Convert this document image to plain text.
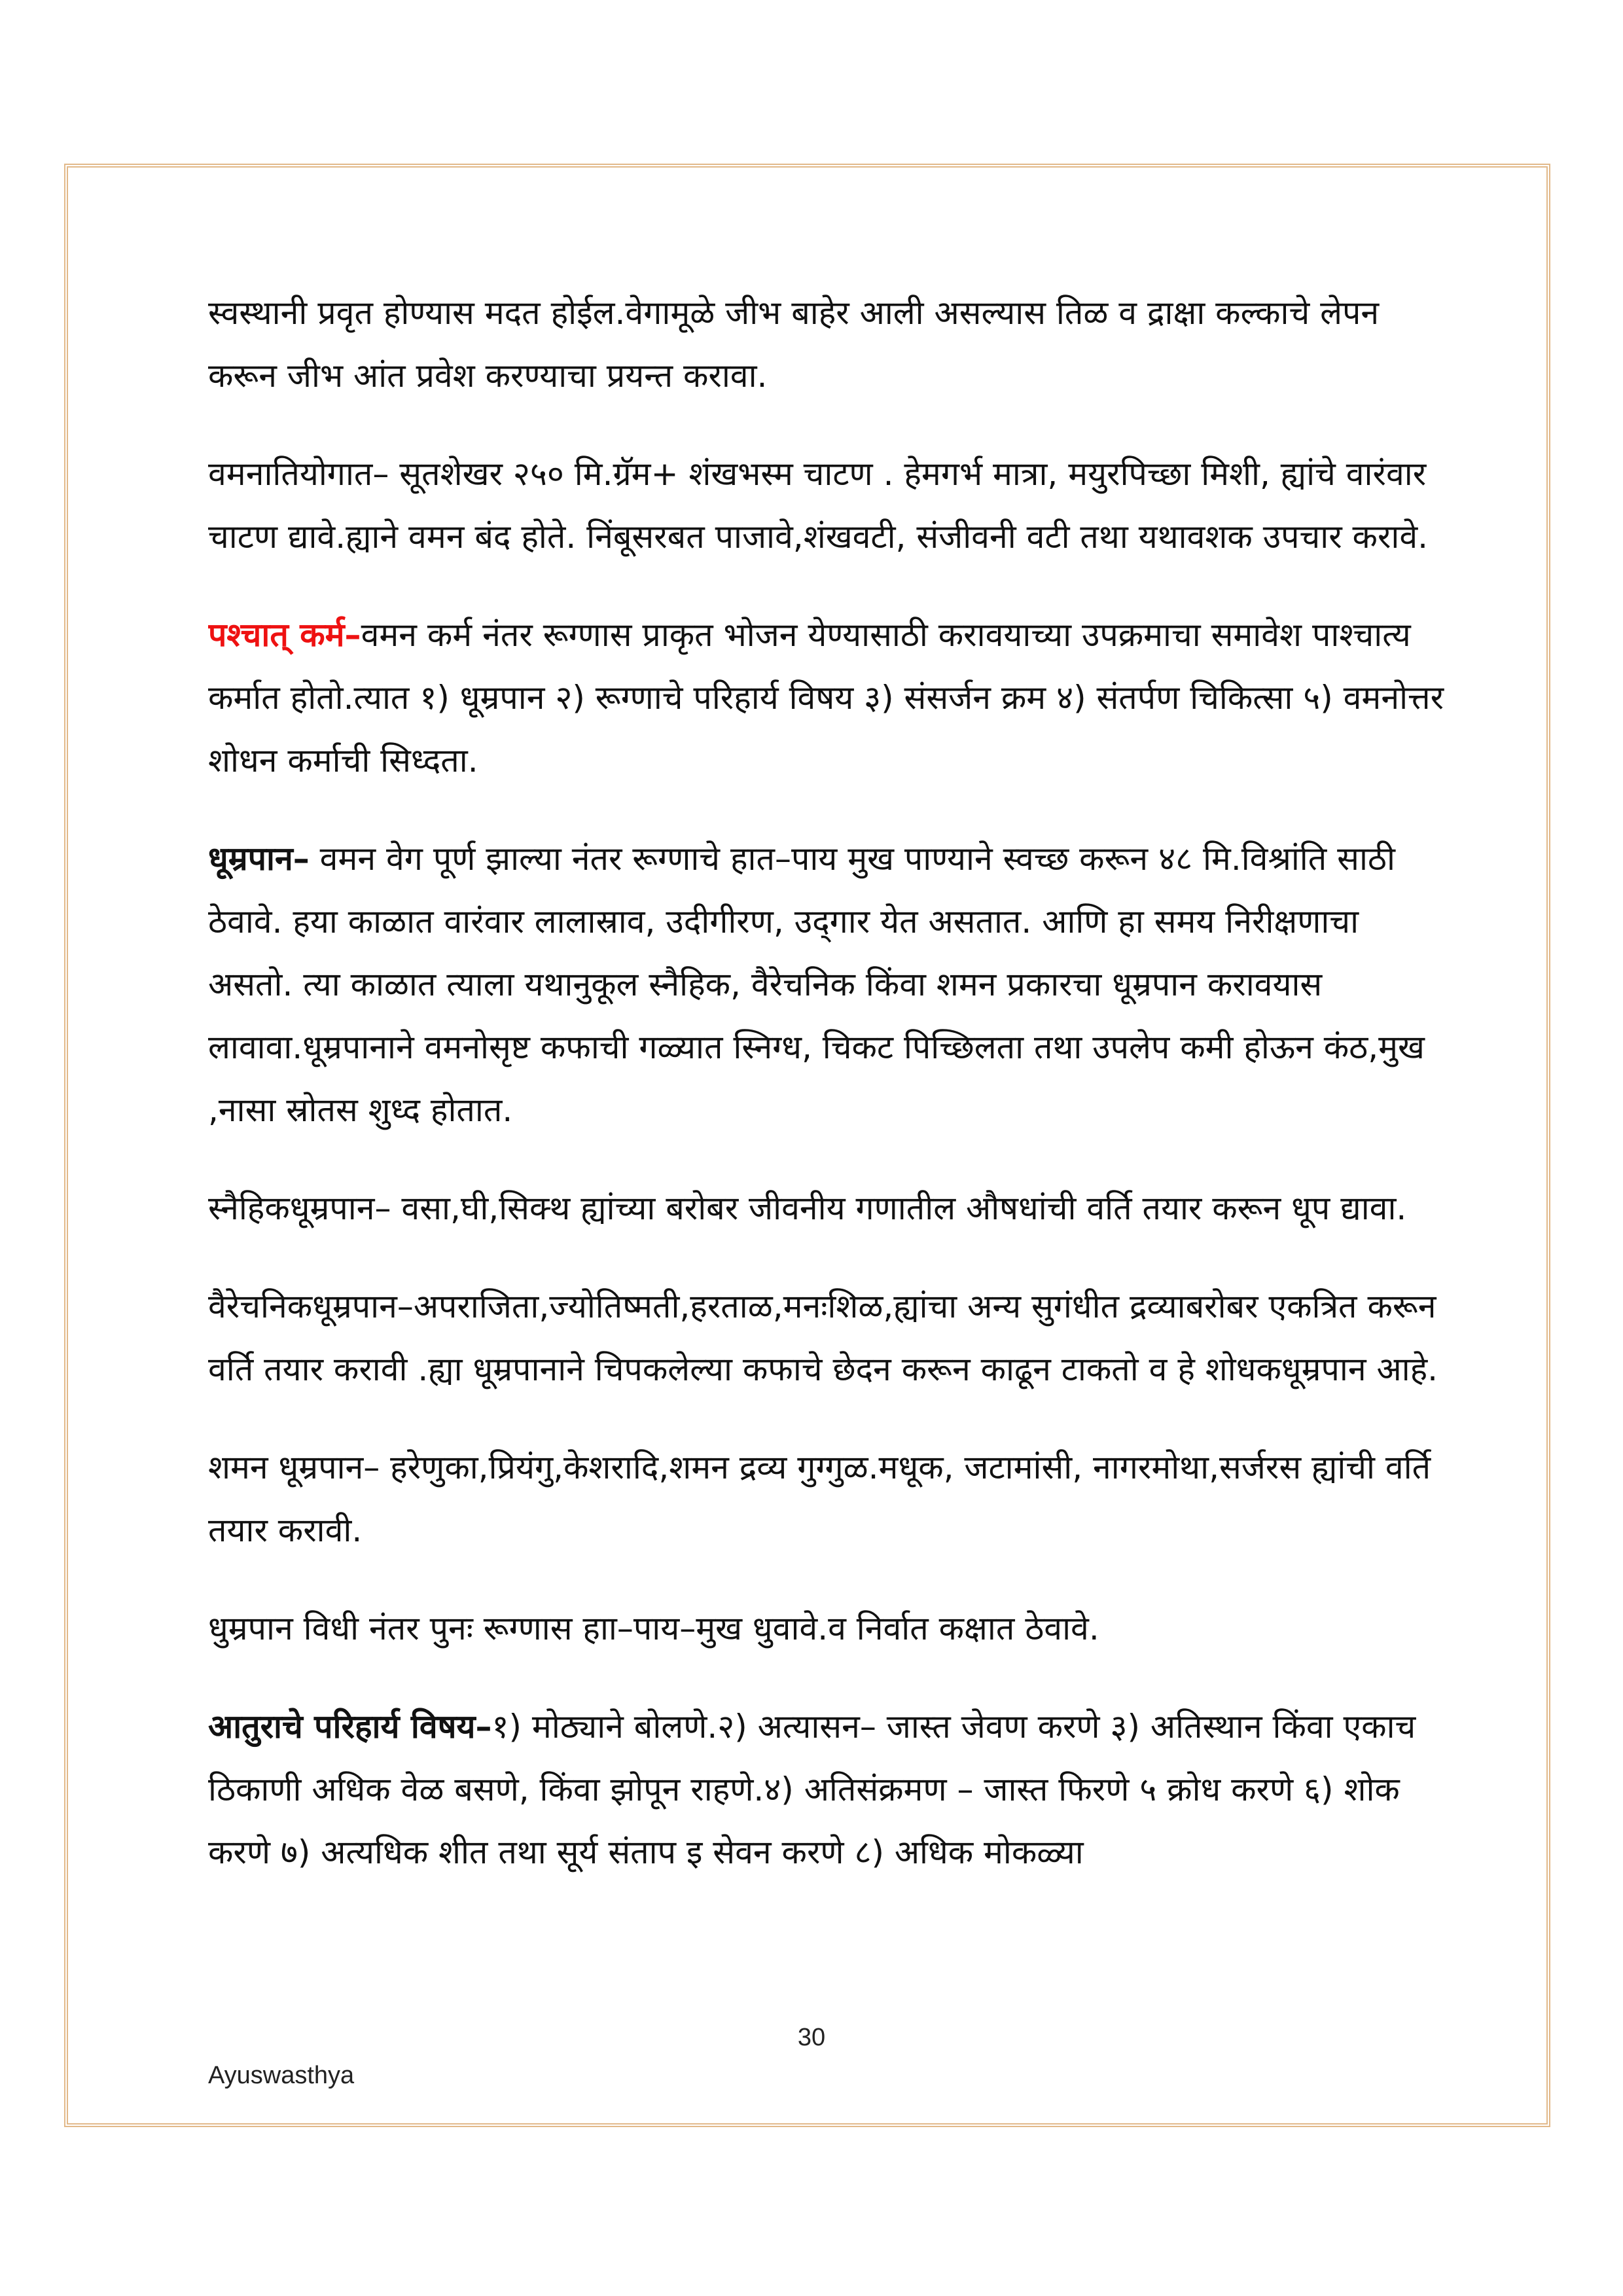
स्वस्थानी प्रवृत होण्यास मदत होईल.वेगामूळे जीभ बाहेर आली असल्यास तिळ व द्राक्षा कल्काचे लेपन करून जीभ आंत प्रवेश करण्याचा प्रयन्त करावा.

वमनातियोगात– सूतशेखर २५० मि.ग्रॅम+ शंखभस्म चाटण . हेमगर्भ मात्रा, मयुरपिच्छा मिशी, ह्यांचे वारंवार चाटण द्यावे.ह्याने वमन बंद होते. निंबूसरबत पाजावे,शंखवटी, संजीवनी वटी तथा यथावशक उपचार करावे.

पश्चात् कर्म–वमन कर्म नंतर रूग्णास प्राकृत भोजन येण्यासाठी करावयाच्या उपक्रमाचा समावेश पाश्चात्य कर्मात होतो.त्यात १) धूम्रपान २) रूग्णाचे परिहार्य विषय ३) संसर्जन क्रम ४) संतर्पण चिकित्सा ५) वमनोत्तर शोधन कर्माची सिध्दता.

धूम्रपान– वमन वेग पूर्ण झाल्या नंतर रूग्णाचे हात–पाय मुख पाण्याने स्वच्छ करून ४८ मि.विश्रांति साठी ठेवावे. हया काळात वारंवार लालास्राव, उदीगीरण, उद्‌गार येत असतात. आणि हा समय निरीक्षणाचा असतो. त्या काळात त्याला यथानुकूल स्नैहिक, वैरेचनिक किंवा शमन प्रकारचा धूम्रपान करावयास लावावा.धूम्रपानाने वमनोसृष्ट कफाची गळ्यात स्निग्ध, चिकट पिच्छिलता तथा उपलेप कमी होऊन कंठ,मुख ,नासा स्रोतस शुध्द होतात.

स्नैहिकधूम्रपान– वसा,घी,सिक्थ ह्यांच्या बरोबर जीवनीय गणातील औषधांची वर्ति तयार करून धूप द्यावा.

वैरेचनिकधूम्रपान–अपराजिता,ज्योतिष्मती,हरताळ,मनःशिळ,ह्यांचा अन्य सुगंधीत द्रव्याबरोबर एकत्रित करून वर्ति तयार करावी .ह्या धूम्रपानाने चिपकलेल्या कफाचे छेदन करून काढून टाकतो व हे शोधकधूम्रपान आहे.

शमन धूम्रपान– हरेणुका,प्रियंगु,केशरादि,शमन द्रव्य गुग्गुळ.मधूक, जटामांसी, नागरमोथा,सर्जरस ह्यांची वर्ति तयार करावी.

धुम्रपान विधी नंतर पुनः रूग्णास हाा–पाय–मुख धुवावे.व निर्वात कक्षात ठेवावे.

आतुराचे परिहार्य विषय–१) मोठ्याने बोलणे.२) अत्यासन– जास्त जेवण करणे ३) अतिस्थान किंवा एकाच ठिकाणी अधिक वेळ बसणे, किंवा झोपून राहणे.४) अतिसंक्रमण – जास्त फिरणे ५ क्रोध करणे ६) शोक करणे ७) अत्यधिक शीत तथा सूर्य संताप इ सेवन करणे ८) अधिक मोकळ्या

30
Ayuswasthya
